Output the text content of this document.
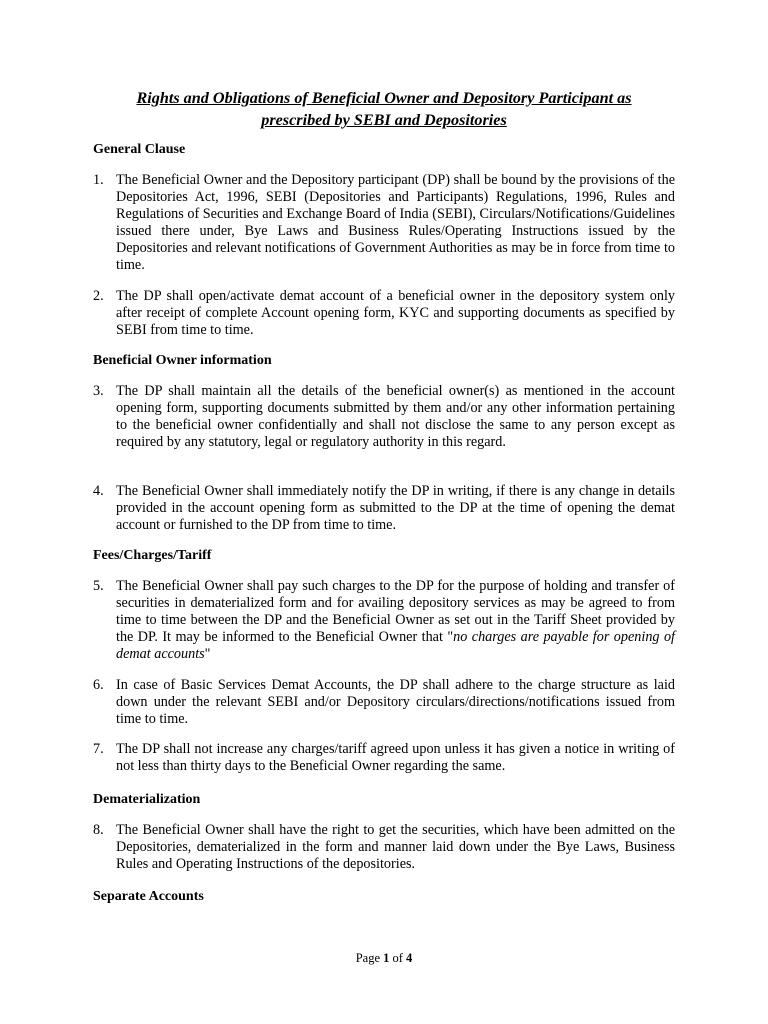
Rights and Obligations of Beneficial Owner and Depository Participant as
prescribed by SEBI and Depositories
General Clause
1. The Beneficial Owner and the Depository participant (DP) shall be bound by the provisions of the Depositories Act, 1996, SEBI (Depositories and Participants) Regulations, 1996, Rules and Regulations of Securities and Exchange Board of India (SEBI), Circulars/Notifications/Guidelines issued there under, Bye Laws and Business Rules/Operating Instructions issued by the Depositories and relevant notifications of Government Authorities as may be in force from time to time.
2. The DP shall open/activate demat account of a beneficial owner in the depository system only after receipt of complete Account opening form, KYC and supporting documents as specified by SEBI from time to time.
Beneficial Owner information
3. The DP shall maintain all the details of the beneficial owner(s) as mentioned in the account opening form, supporting documents submitted by them and/or any other information pertaining to the beneficial owner confidentially and shall not disclose the same to any person except as required by any statutory, legal or regulatory authority in this regard.
4. The Beneficial Owner shall immediately notify the DP in writing, if there is any change in details provided in the account opening form as submitted to the DP at the time of opening the demat account or furnished to the DP from time to time.
Fees/Charges/Tariff
5. The Beneficial Owner shall pay such charges to the DP for the purpose of holding and transfer of securities in dematerialized form and for availing depository services as may be agreed to from time to time between the DP and the Beneficial Owner as set out in the Tariff Sheet provided by the DP. It may be informed to the Beneficial Owner that "no charges are payable for opening of demat accounts"
6. In case of Basic Services Demat Accounts, the DP shall adhere to the charge structure as laid down under the relevant SEBI and/or Depository circulars/directions/notifications issued from time to time.
7. The DP shall not increase any charges/tariff agreed upon unless it has given a notice in writing of not less than thirty days to the Beneficial Owner regarding the same.
Dematerialization
8. The Beneficial Owner shall have the right to get the securities, which have been admitted on the Depositories, dematerialized in the form and manner laid down under the Bye Laws, Business Rules and Operating Instructions of the depositories.
Separate Accounts
Page 1 of 4
